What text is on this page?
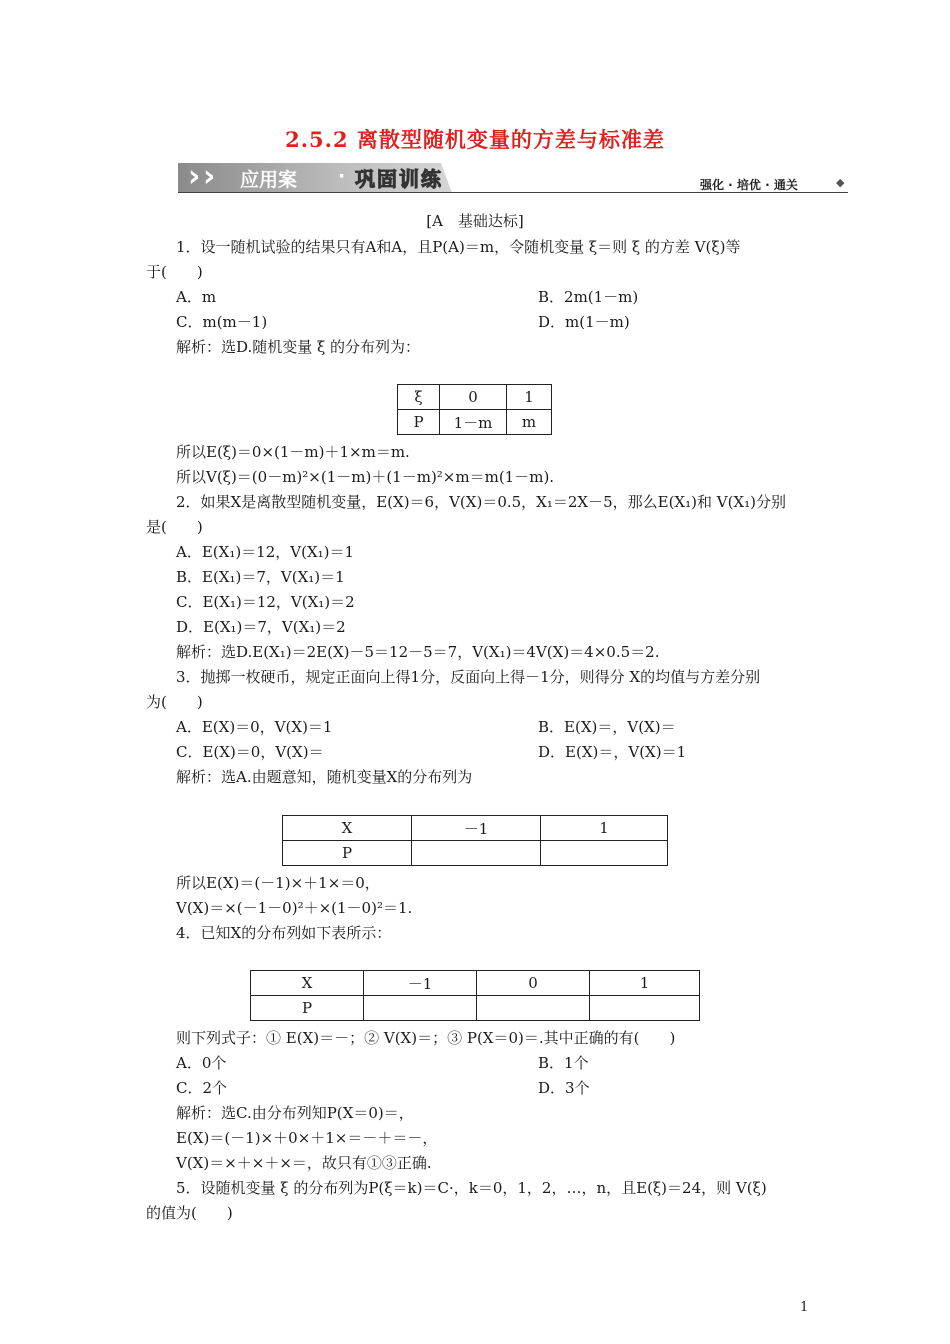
2.5.2 离散型随机变量的方差与标准差
› › 应用案 · 巩固训练	强化 · 培优 · 通关	◆
[A　基础达标]
1．设一随机试验的结果只有A和A，且P(A)＝m，令随机变量 ξ＝则 ξ 的方差 V(ξ)等
于(　　)
A．m	B．2m(1－m)
C．m(m－1)	D．m(1－m)
解析：选D.随机变量 ξ 的分布列为：
ξ	0	1
P	1－m	m
所以E(ξ)＝0×(1－m)＋1×m＝m.
所以V(ξ)＝(0－m)²×(1－m)＋(1－m)²×m＝m(1－m).
2．如果X是离散型随机变量，E(X)＝6，V(X)＝0.5，X₁＝2X－5，那么E(X₁)和 V(X₁)分别
是(　　)
A．E(X₁)＝12，V(X₁)＝1
B．E(X₁)＝7，V(X₁)＝1
C．E(X₁)＝12，V(X₁)＝2
D．E(X₁)＝7，V(X₁)＝2
解析：选D.E(X₁)＝2E(X)－5＝12－5＝7，V(X₁)＝4V(X)＝4×0.5＝2.
3．抛掷一枚硬币，规定正面向上得1分，反面向上得－1分，则得分 X的均值与方差分别
为(　　)
A．E(X)＝0，V(X)＝1	B．E(X)＝，V(X)＝
C．E(X)＝0，V(X)＝	D．E(X)＝，V(X)＝1
解析：选A.由题意知，随机变量X的分布列为
X	－1	1
P		
所以E(X)＝(－1)×＋1×＝0，
V(X)＝×(－1－0)²＋×(1－0)²＝1.
4．已知X的分布列如下表所示：
X	－1	0	1
P			
则下列式子：① E(X)＝－；② V(X)＝；③ P(X＝0)＝.其中正确的有(　　)
A．0个	B．1个
C．2个	D．3个
解析：选C.由分布列知P(X＝0)＝，
E(X)＝(－1)×＋0×＋1×＝－＋＝－，
V(X)＝×＋×＋×＝，故只有①③正确.
5．设随机变量 ξ 的分布列为P(ξ＝k)＝C·，k＝0，1，2，…，n，且E(ξ)＝24，则 V(ξ)
的值为(　　)
1
